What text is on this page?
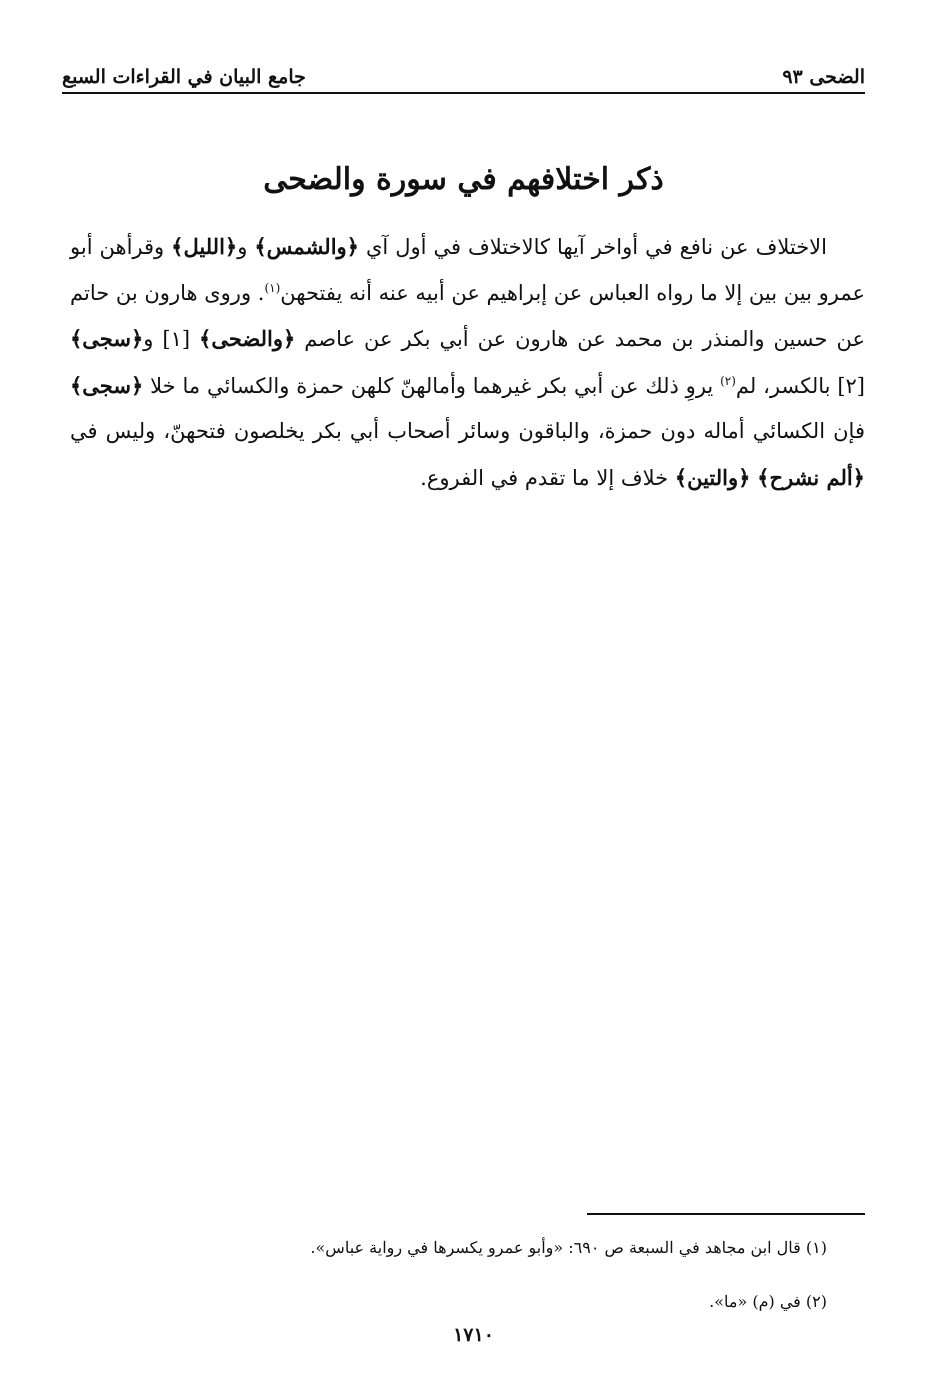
الضحى ٩٣
جامع البيان في القراءات السبع
ذكر اختلافهم في سورة والضحى
الاختلاف عن نافع في أواخر آيها كالاختلاف في أول آي ﴿والشمس﴾ و﴿الليل﴾ وقرأهن أبو عمرو بين بين إلا ما رواه العباس عن إبراهيم عن أبيه عنه أنه يفتحهن$^{(١)}$. وروى هارون بن حاتم عن حسين والمنذر بن محمد عن هارون عن أبي بكر عن عاصم ﴿والضحى﴾ [١] و﴿سجى﴾ [٢] بالكسر، لم$^{(٢)}$ يروِ ذلك عن أبي بكر غيرهما وأمالهنّ كلهن حمزة والكسائي ما خلا ﴿سجى﴾ فإن الكسائي أماله دون حمزة، والباقون وسائر أصحاب أبي بكر يخلصون فتحهنّ، وليس في ﴿ألم نشرح﴾ ﴿والتين﴾ خلاف إلا ما تقدم في الفروع.

(١) قال ابن مجاهد في السبعة ص ٦٩٠: «وأبو عمرو يكسرها في رواية عباس».

(٢) في (م) «ما».

١٧١٠
